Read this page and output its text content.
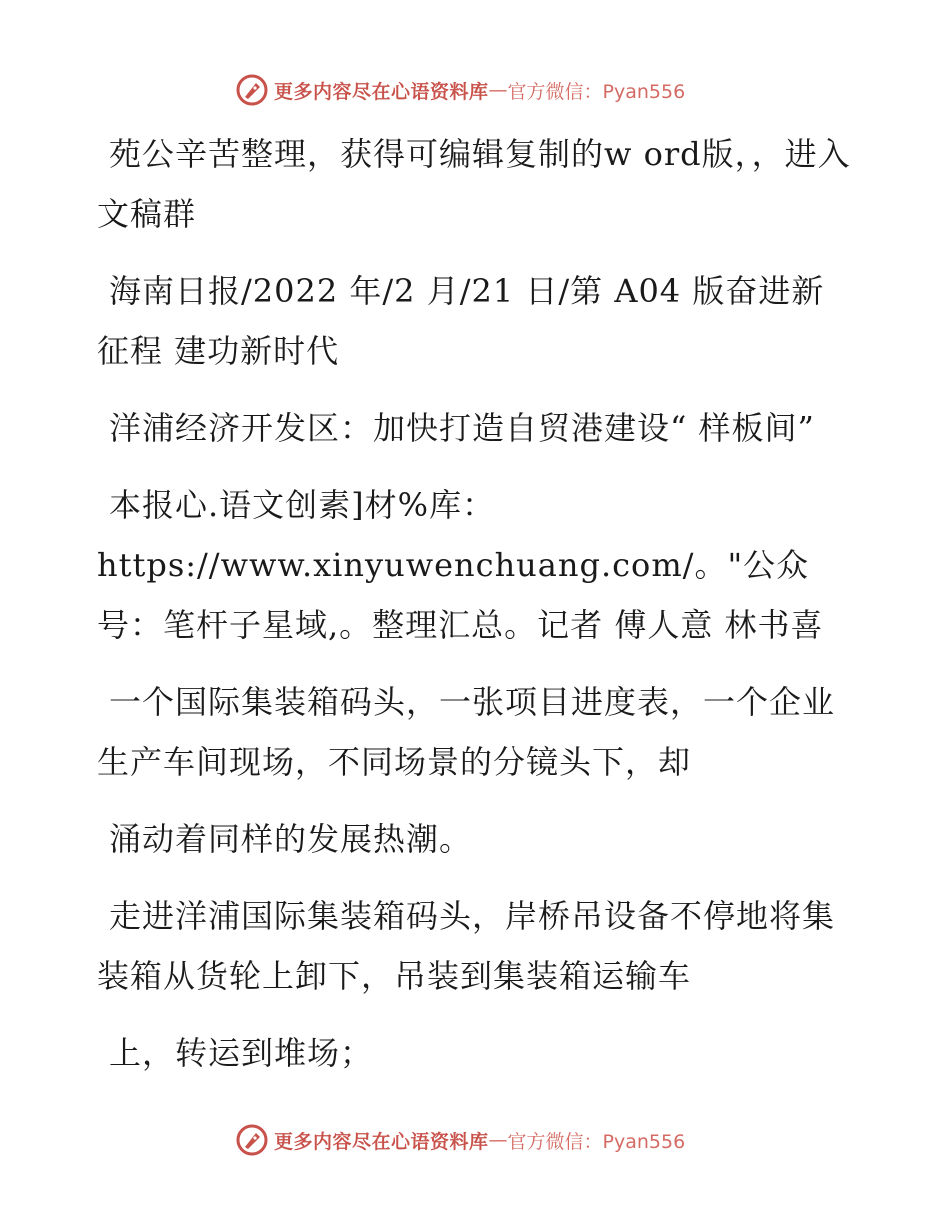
更多内容尽在心语资料库 — 官方微信：Pyan556

苑公辛苦整理，获得可编辑复制的w ord版，，进入文稿群

海南日报/2022 年/2 月/21 日/第 A04 版奋进新征程 建功新时代

洋浦经济开发区：加快打造自贸港建设“ 样板间”

本报心.语文创素]材%库：https://www.xinyuwenchuang.com/。"公众号：笔杆子星域,。整理汇总。记者 傅人意 林书喜

一个国际集装箱码头，一张项目进度表，一个企业生产车间现场，不同场景的分镜头下，却

涌动着同样的发展热潮。

走进洋浦国际集装箱码头，岸桥吊设备不停地将集装箱从货轮上卸下，吊装到集装箱运输车

上，转运到堆场；

更多内容尽在心语资料库 — 官方微信：Pyan556
